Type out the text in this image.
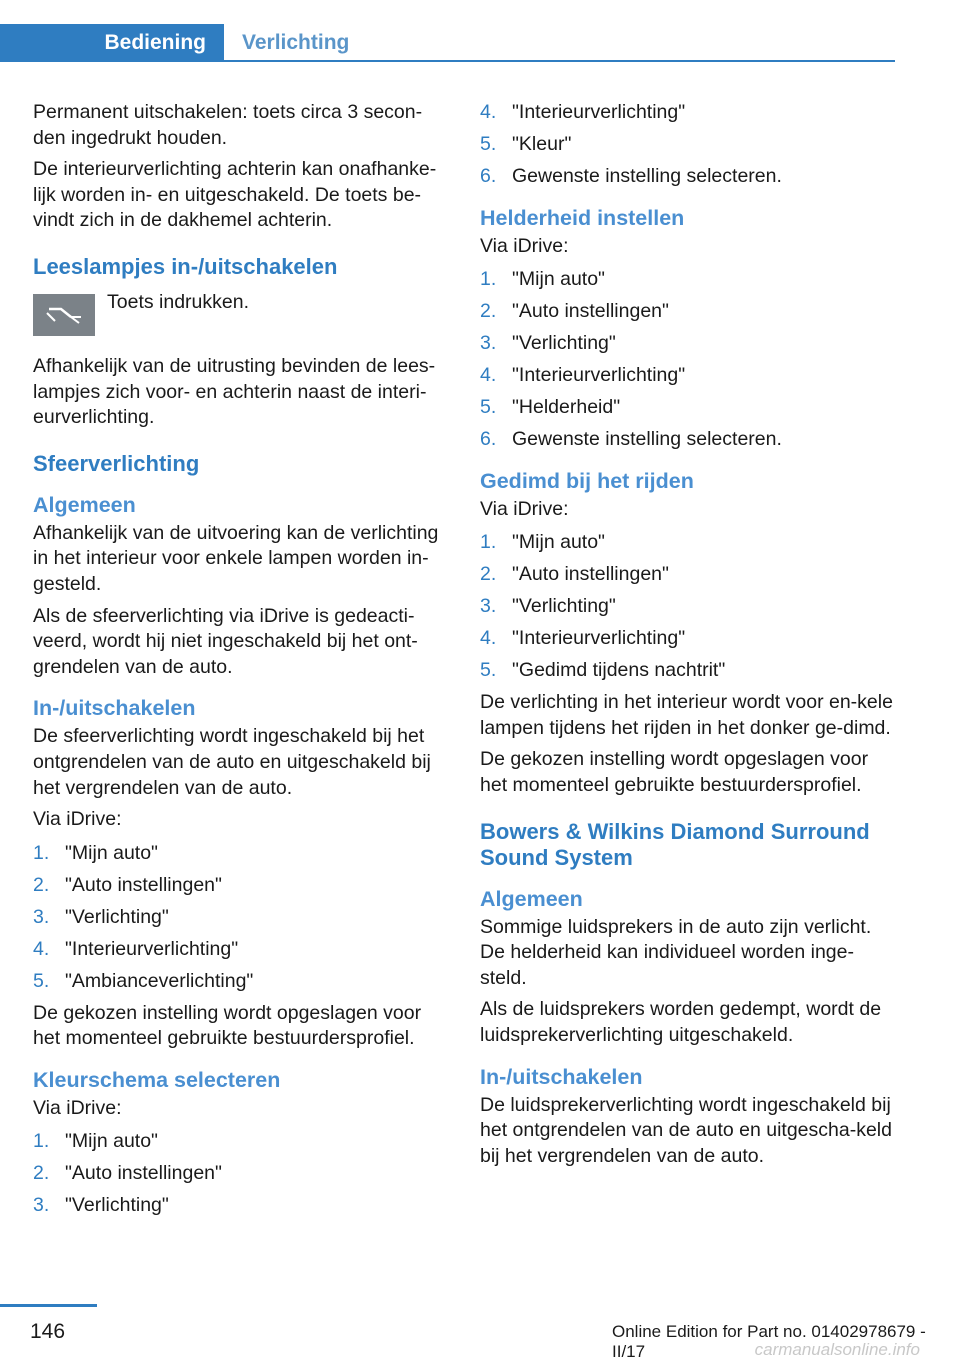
Bediening	Verlichting

Permanent uitschakelen: toets circa 3 secon-den ingedrukt houden.

De interieurverlichting achterin kan onafhanke-lijk worden in- en uitgeschakeld. De toets be-vindt zich in de dakhemel achterin.

Leeslampjes in-/uitschakelen
Toets indrukken.

Afhankelijk van de uitrusting bevinden de lees-lampjes zich voor- en achterin naast de interi-eurverlichting.

Sfeerverlichting
Algemeen

Afhankelijk van de uitvoering kan de verlichting in het interieur voor enkele lampen worden in-gesteld.

Als de sfeerverlichting via iDrive is gedeacti-veerd, wordt hij niet ingeschakeld bij het ont-grendelen van de auto.

In-/uitschakelen

De sfeerverlichting wordt ingeschakeld bij het ontgrendelen van de auto en uitgeschakeld bij het vergrendelen van de auto.

Via iDrive:

1. "Mijn auto"
2. "Auto instellingen"
3. "Verlichting"
4. "Interieurverlichting"
5. "Ambianceverlichting"

De gekozen instelling wordt opgeslagen voor het momenteel gebruikte bestuurdersprofiel.

Kleurschema selecteren

Via iDrive:

1. "Mijn auto"
2. "Auto instellingen"
3. "Verlichting"
4. "Interieurverlichting"
5. "Kleur"
6. Gewenste instelling selecteren.
Helderheid instellen

Via iDrive:

1. "Mijn auto"
2. "Auto instellingen"
3. "Verlichting"
4. "Interieurverlichting"
5. "Helderheid"
6. Gewenste instelling selecteren.
Gedimd bij het rijden

Via iDrive:

1. "Mijn auto"
2. "Auto instellingen"
3. "Verlichting"
4. "Interieurverlichting"
5. "Gedimd tijdens nachtrit"

De verlichting in het interieur wordt voor en-kele lampen tijdens het rijden in het donker ge-dimd.

De gekozen instelling wordt opgeslagen voor het momenteel gebruikte bestuurdersprofiel.

Bowers & Wilkins Diamond Surround Sound System
Algemeen

Sommige luidsprekers in de auto zijn verlicht. De helderheid kan individueel worden inge-steld.

Als de luidsprekers worden gedempt, wordt de luidsprekerverlichting uitgeschakeld.

In-/uitschakelen

De luidsprekerverlichting wordt ingeschakeld bij het ontgrendelen van de auto en uitgescha-keld bij het vergrendelen van de auto.

146	Online Edition for Part no. 01402978679 - II/17	carmanualsonline.info
